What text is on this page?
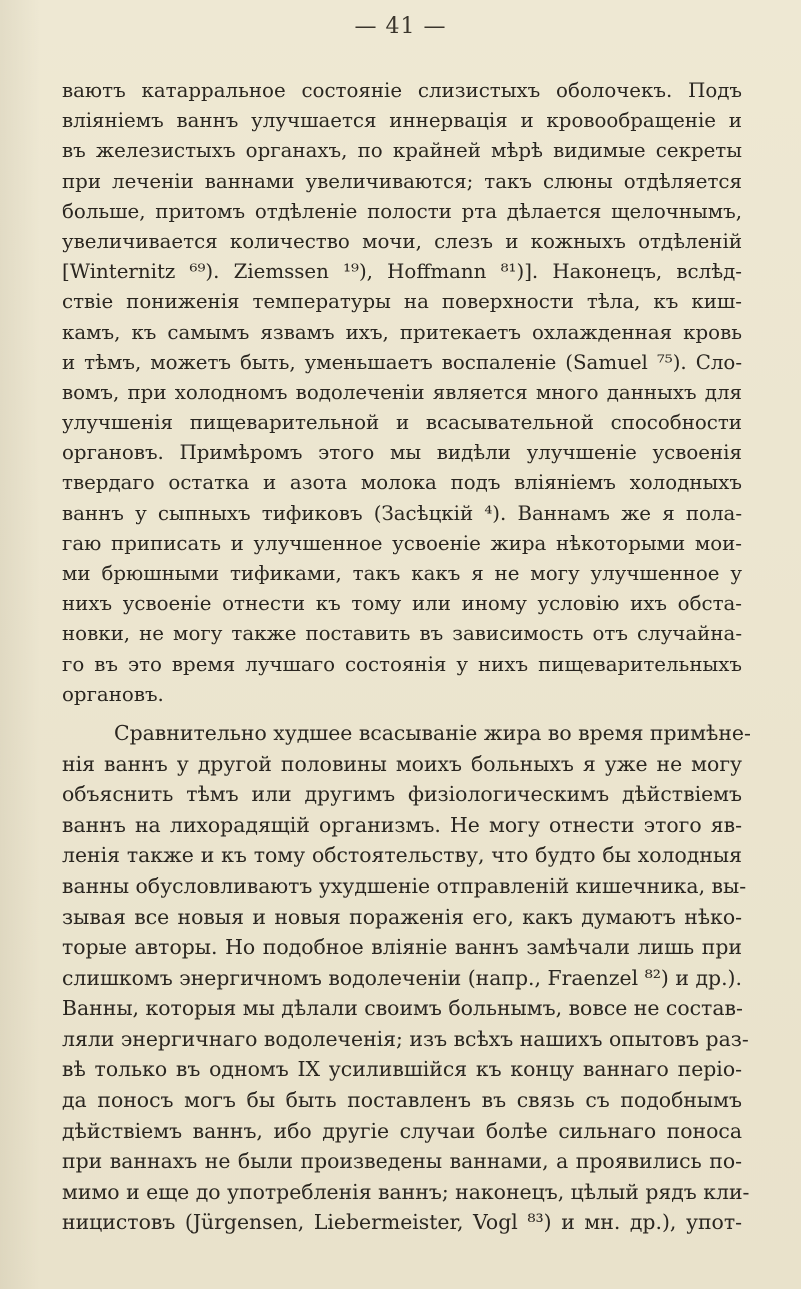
— 41 —
ваютъ катарральное состояніе слизистыхъ оболочекъ. Подъ
вліяніемъ ваннъ улучшается иннервація и кровообращеніе и
въ железистыхъ органахъ, по крайней мѣрѣ видимые секреты
при леченіи ваннами увеличиваются; такъ слюны отдѣляется
больше, притомъ отдѣленіе полости рта дѣлается щелочнымъ,
увеличивается количество мочи, слезъ и кожныхъ отдѣленій
[Winternitz ⁶⁹). Ziemssen ¹⁹), Hoffmann ⁸¹)]. Наконецъ, вслѣд-
ствіе пониженія температуры на поверхности тѣла, къ киш-
камъ, къ самымъ язвамъ ихъ, притекаетъ охлажденная кровь
и тѣмъ, можетъ быть, уменьшаетъ воспаленіе (Samuel ⁷⁵). Сло-
вомъ, при холодномъ водолеченіи является много данныхъ для
улучшенія пищеварительной и всасывательной способности
органовъ. Примѣромъ этого мы видѣли улучшеніе усвоенія
твердаго остатка и азота молока подъ вліяніемъ холодныхъ
ваннъ у сыпныхъ тификовъ (Засѣцкій ⁴). Ваннамъ же я пола-
гаю приписать и улучшенное усвоеніе жира нѣкоторыми мои-
ми брюшными тификами, такъ какъ я не могу улучшенное у
нихъ усвоеніе отнести къ тому или иному условію ихъ обста-
новки, не могу также поставить въ зависимость отъ случайна-
го въ это время лучшаго состоянія у нихъ пищеварительныхъ
органовъ.
Сравнительно худшее всасываніе жира во время примѣне-
нія ваннъ у другой половины моихъ больныхъ я уже не могу
объяснить тѣмъ или другимъ физіологическимъ дѣйствіемъ
ваннъ на лихорадящій организмъ. Не могу отнести этого яв-
ленія также и къ тому обстоятельству, что будто бы холодныя
ванны обусловливаютъ ухудшеніе отправленій кишечника, вы-
зывая все новыя и новыя пораженія его, какъ думаютъ нѣко-
торые авторы. Но подобное вліяніе ваннъ замѣчали лишь при
слишкомъ энергичномъ водолеченіи (напр., Fraenzel ⁸²) и др.).
Ванны, которыя мы дѣлали своимъ больнымъ, вовсе не состав-
ляли энергичнаго водолеченія; изъ всѣхъ нашихъ опытовъ раз-
вѣ только въ одномъ IX усилившійся къ концу ваннаго періо-
да поносъ могъ бы быть поставленъ въ связь съ подобнымъ
дѣйствіемъ ваннъ, ибо другіе случаи болѣе сильнаго поноса
при ваннахъ не были произведены ваннами, а проявились по-
мимо и еще до употребленія ваннъ; наконецъ, цѣлый рядъ кли-
ницистовъ (Jürgensen, Liebermeister, Vogl ⁸³) и мн. др.), упот-
